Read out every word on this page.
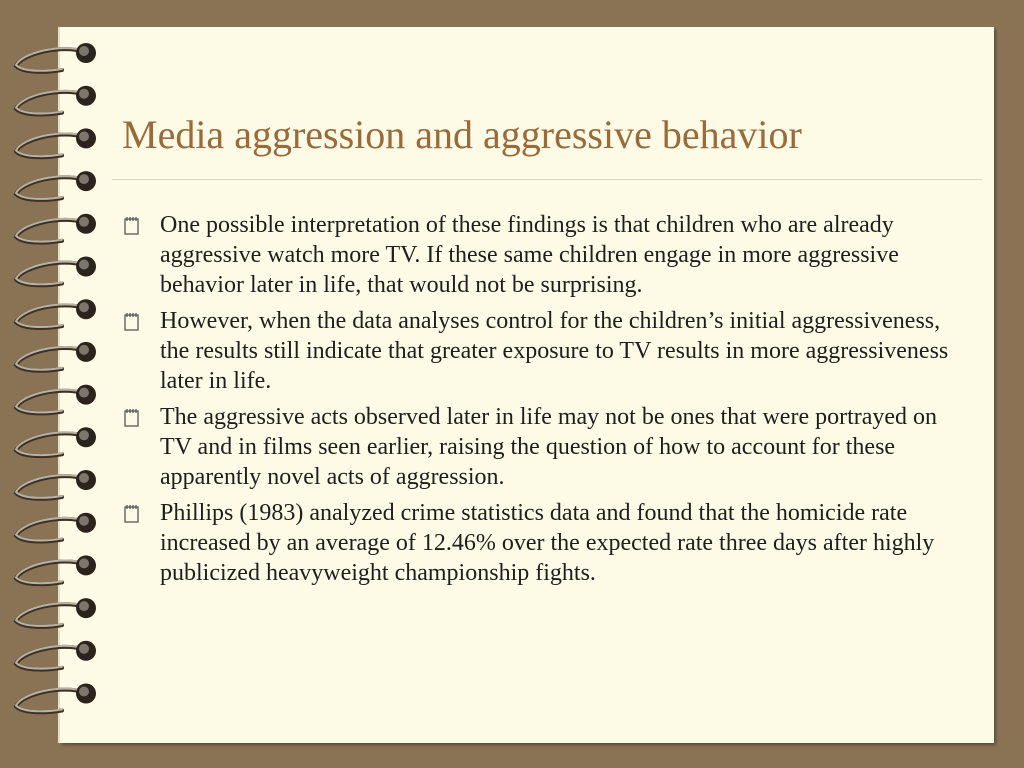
Media aggression and aggressive behavior
One possible interpretation of these findings is that children who are already aggressive watch more TV. If these same children engage in more aggressive behavior later in life, that would not be surprising.
However, when the data analyses control for the children’s initial aggressiveness, the results still indicate that greater exposure to TV results in more aggressiveness later in life.
The aggressive acts observed later in life may not be ones that were portrayed on TV and in films seen earlier, raising the question of how to account for these apparently novel acts of aggression.
Phillips (1983) analyzed crime statistics data and found that the homicide rate increased by an average of 12.46% over the expected rate three days after highly publicized heavyweight championship fights.
